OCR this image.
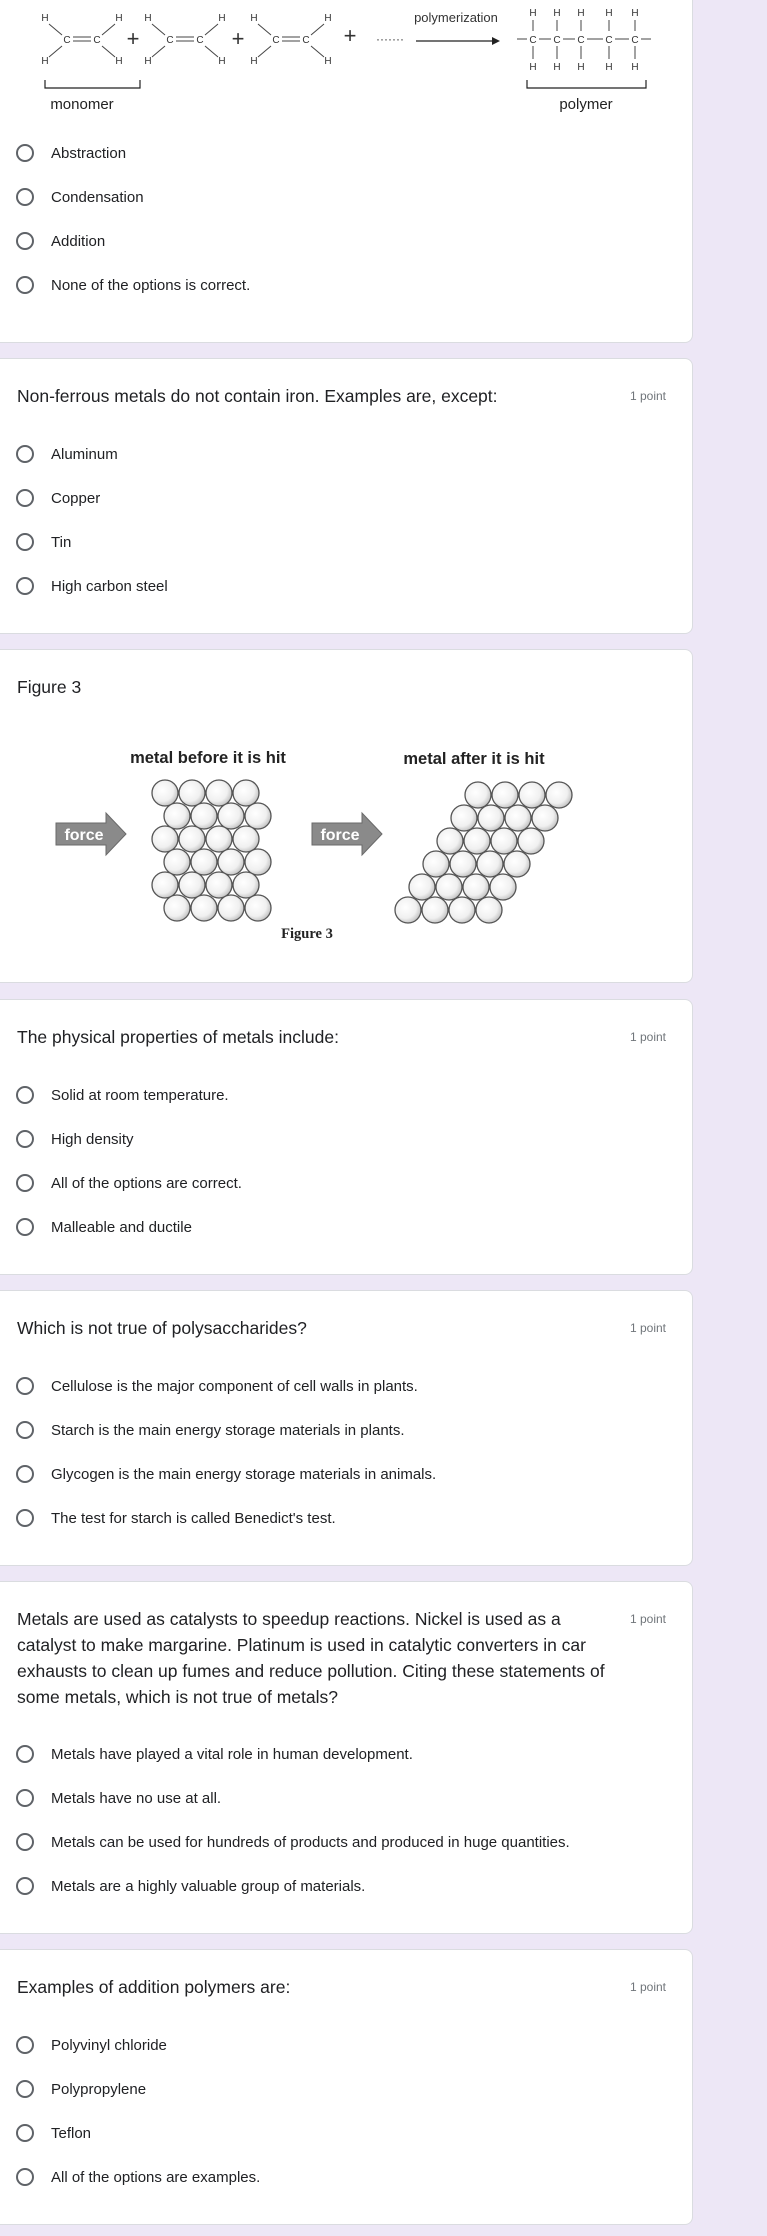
H
H
C C
H
H
H
H
C C
H
H
H
H
C C
H
H
+	+	+ ·······
polymerization	H H H H H
C C C C C
H H H H H
monomer	polymer
Abstraction
Condensation
Addition
None of the options is correct.
Non-ferrous metals do not contain iron. Examples are, except:	1 point
Aluminum
Copper
Tin
High carbon steel
Figure 3
metal before it is hit	metal after it is hit
force	force
Figure 3
The physical properties of metals include:	1 point
Solid at room temperature.
High density
All of the options are correct.
Malleable and ductile
Which is not true of polysaccharides?	1 point
Cellulose is the major component of cell walls in plants.
Starch is the main energy storage materials in plants.
Glycogen is the main energy storage materials in animals.
The test for starch is called Benedict's test.
Metals are used as catalysts to speedup reactions. Nickel is used as a catalyst to make margarine. Platinum is used in catalytic converters in car exhausts to clean up fumes and reduce pollution. Citing these statements of some metals, which is not true of metals?
1 point
Metals have played a vital role in human development.
Metals have no use at all.
Metals can be used for hundreds of products and produced in huge quantities.
Metals are a highly valuable group of materials.
Examples of addition polymers are:	1 point
Polyvinyl chloride
Polypropylene
Teflon
All of the options are examples.
